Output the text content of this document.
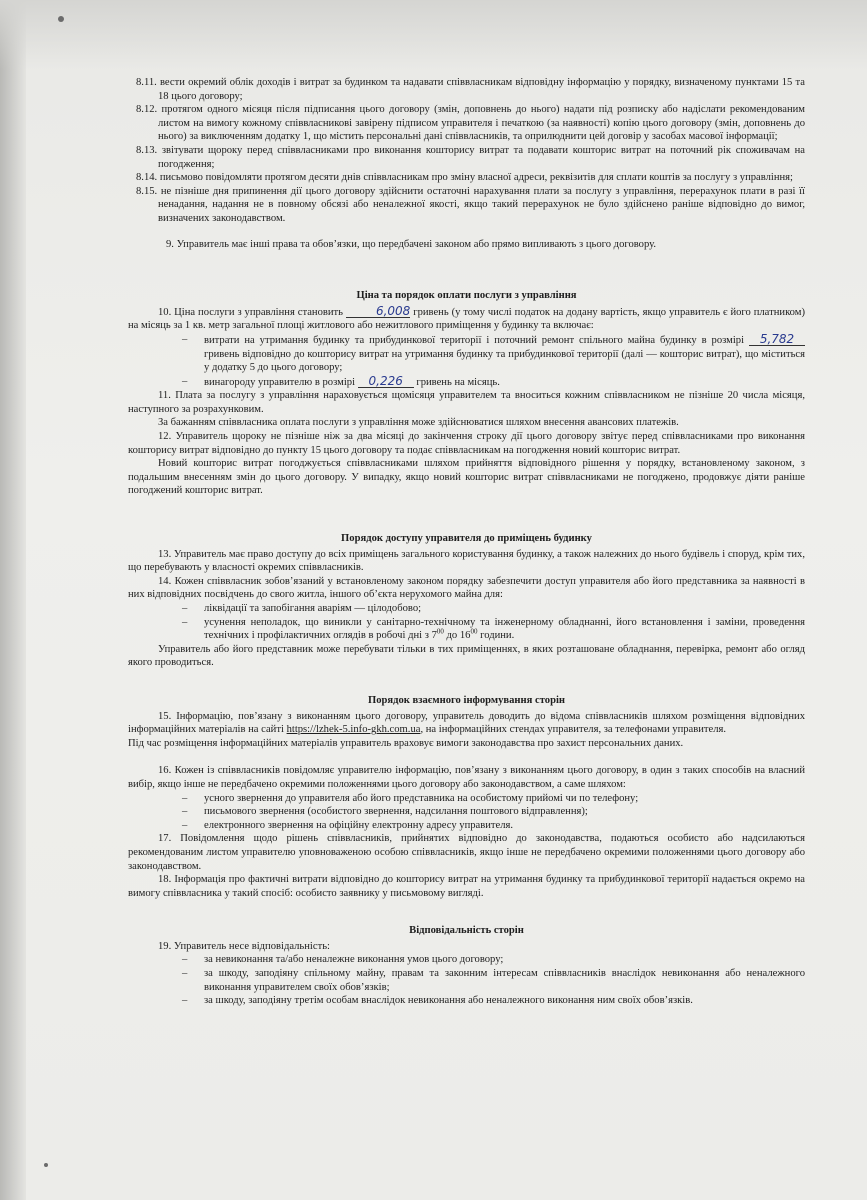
8.11. вести окремий облік доходів і витрат за будинком та надавати співвласникам відповідну інформацію у порядку, визначеному пунктами 15 та 18 цього договору;

8.12. протягом одного місяця після підписання цього договору (змін, доповнень до нього) надати під розписку або надіслати рекомендованим листом на вимогу кожному співвласникові завірену підписом управителя і печаткою (за наявності) копію цього договору (змін, доповнень до нього) за виключенням додатку 1, що містить персональні дані співвласників, та оприлюднити цей договір у засобах масової інформації;

8.13. звітувати щороку перед співвласниками про виконання кошторису витрат та подавати кошторис витрат на поточний рік споживачам на погодження;

8.14. письмово повідомляти протягом десяти днів співвласникам про зміну власної адреси, реквізитів для сплати коштів за послугу з управління;

8.15. не пізніше дня припинення дії цього договору здійснити остаточні нарахування плати за послугу з управління, перерахунок плати в разі її ненадання, надання не в повному обсязі або неналежної якості, якщо такий перерахунок не було здійснено раніше відповідно до вимог, визначених законодавством.

9. Управитель має інші права та обов’язки, що передбачені законом або прямо випливають з цього договору.

Ціна та порядок оплати послуги з управління

10. Ціна послуги з управління становить	6,008 гривень (у тому числі податок на додану вартість, якщо управитель є його платником) на місяць за 1 кв. метр загальної площі житлового або нежитлового приміщення у будинку та включає:

– витрати на утримання будинку та прибудинкової території і поточний ремонт спільного майна будинку в розмірі 5,782 гривень відповідно до кошторису витрат на утримання будинку та прибудинкової території (далі — кошторис витрат), що міститься у додатку 5 до цього договору;

– винагороду управителю в розмірі 0,226 гривень на місяць.

11. Плата за послугу з управління нараховується щомісяця управителем та вноситься кожним співвласником не пізніше 20 числа місяця, наступного за розрахунковим.

За бажанням співвласника оплата послуги з управління може здійснюватися шляхом внесення авансових платежів.

12. Управитель щороку не пізніше ніж за два місяці до закінчення строку дії цього договору звітує перед співвласниками про виконання кошторису витрат відповідно до пункту 15 цього договору та подає співвласникам на погодження новий кошторис витрат.

Новий кошторис витрат погоджується співвласниками шляхом прийняття відповідного рішення у порядку, встановленому законом, з подальшим внесенням змін до цього договору. У випадку, якщо новий кошторис витрат співвласниками не погоджено, продовжує діяти раніше погоджений кошторис витрат.

Порядок доступу управителя до приміщень будинку

13. Управитель має право доступу до всіх приміщень загального користування будинку, а також належних до нього будівель і споруд, крім тих, що перебувають у власності окремих співвласників.

14. Кожен співвласник зобов’язаний у встановленому законом порядку забезпечити доступ управителя або його представника за наявності в них відповідних посвідчень до свого житла, іншого об’єкта нерухомого майна для:

– ліквідації та запобігання аваріям — цілодобово;

– усунення неполадок, що виникли у санітарно-технічному та інженерному обладнанні, його встановлення і заміни, проведення технічних і профілактичних оглядів в робочі дні з $7^{00}$ до $16^{00}$ години.

Управитель або його представник може перебувати тільки в тих приміщеннях, в яких розташоване обладнання, перевірка, ремонт або огляд якого проводиться.

Порядок взаємного інформування сторін

15. Інформацію, пов’язану з виконанням цього договору, управитель доводить до відома співвласників шляхом розміщення відповідних інформаційних матеріалів на сайті https://lzhek-5.info-gkh.com.ua, на інформаційних стендах управителя, за телефонами управителя.

Під час розміщення інформаційних матеріалів управитель враховує вимоги законодавства про захист персональних даних.

16. Кожен із співвласників повідомляє управителю інформацію, пов’язану з виконанням цього договору, в один з таких способів на власний вибір, якщо інше не передбачено окремими положеннями цього договору або законодавством, а саме шляхом:

– усного звернення до управителя або його представника на особистому прийомі чи по телефону;

– письмового звернення (особистого звернення, надсилання поштового відправлення);

– електронного звернення на офіційну електронну адресу управителя.

17. Повідомлення щодо рішень співвласників, прийнятих відповідно до законодавства, подаються особисто або надсилаються рекомендованим листом управителю уповноваженою особою співвласників, якщо інше не передбачено окремими положеннями цього договору або законодавством.

18. Інформація про фактичні витрати відповідно до кошторису витрат на утримання будинку та прибудинкової території надається окремо на вимогу співвласника у такий спосіб: особисто заявнику у письмовому вигляді.

Відповідальність сторін

19. Управитель несе відповідальність:

– за невиконання та/або неналежне виконання умов цього договору;

– за шкоду, заподіяну спільному майну, правам та законним інтересам співвласників внаслідок невиконання або неналежного виконання управителем своїх обов’язків;

– за шкоду, заподіяну третім особам внаслідок невиконання або неналежного виконання ним своїх обов’язків.
